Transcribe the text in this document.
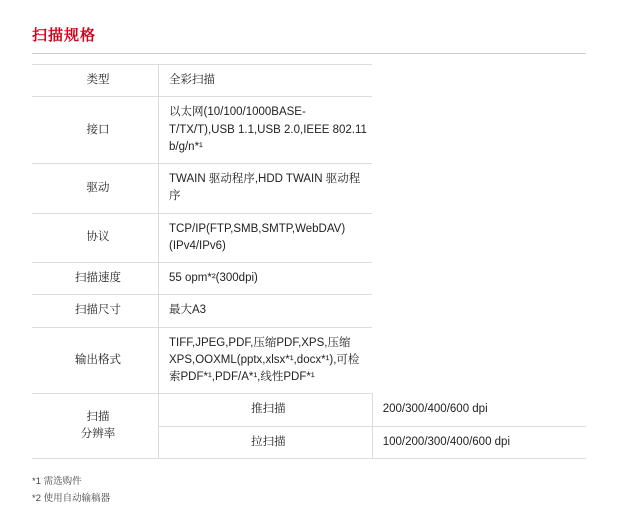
扫描规格
类型	全彩扫描	
接口	以太网(10/100/1000BASE-T/TX/T),USB 1.1,USB 2.0,IEEE 802.11 b/g/n*¹	
驱动	TWAIN 驱动程序,HDD TWAIN 驱动程序	
协议	TCP/IP(FTP,SMB,SMTP,WebDAV)(IPv4/IPv6)	
扫描速度	55 opm*²(300dpi)	
扫描尺寸	最大A3	
输出格式	TIFF,JPEG,PDF,压缩PDF,XPS,压缩XPS,OOXML(pptx,xlsx*¹,docx*¹),可检索PDF*¹,PDF/A*¹,线性PDF*¹	

扫描
分辨率	推扫描	200/300/400/600 dpi
	拉扫描	100/200/300/400/600 dpi
*1 需选购件
*2 使用自动输稿器
